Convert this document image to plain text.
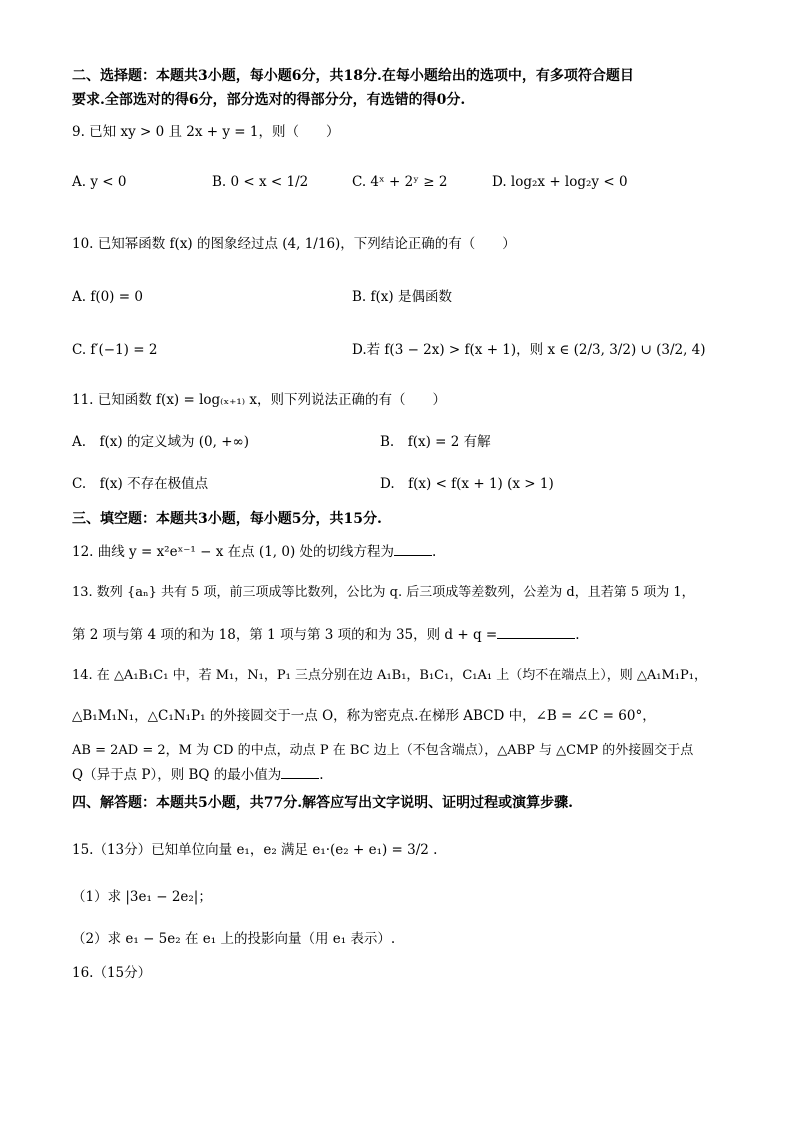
二、选择题：本题共3小题，每小题6分，共18分.在每小题给出的选项中，有多项符合题目
要求.全部选对的得6分，部分选对的得部分分，有选错的得0分.
9. 已知 xy > 0 且 2x + y = 1，则（　　）
A. y < 0	B. 0 < x < 1/2	C. 4ˣ + 2ʸ ≥ 2	D. log₂x + log₂y < 0
10. 已知幂函数 f(x) 的图象经过点 (4, 1/16)，下列结论正确的有（　　）
A. f(0) = 0	B. f(x) 是偶函数
C. f′(−1) = 2	D.若 f(3 − 2x) > f(x + 1)，则 x ∈ (2/3, 3/2) ∪ (3/2, 4)
11. 已知函数 f(x) = log₍ₓ₊₁₎ x，则下列说法正确的有（　　）
A.　f(x) 的定义域为 (0, +∞)	B.　f(x) = 2 有解
C.　f(x) 不存在极值点	D.　f(x) < f(x + 1) (x > 1)
三、填空题：本题共3小题，每小题5分，共15分.
12. 曲线 y = x²eˣ⁻¹ − x 在点 (1, 0) 处的切线方程为	.
13. 数列 {aₙ} 共有 5 项，前三项成等比数列，公比为 q. 后三项成等差数列，公差为 d，且若第 5 项为 1，
第 2 项与第 4 项的和为 18，第 1 项与第 3 项的和为 35，则 d + q =	.
14. 在 △A₁B₁C₁ 中，若 M₁，N₁，P₁ 三点分别在边 A₁B₁，B₁C₁，C₁A₁ 上（均不在端点上），则 △A₁M₁P₁，
△B₁M₁N₁，△C₁N₁P₁ 的外接圆交于一点 O，称为密克点.在梯形 ABCD 中，∠B = ∠C = 60°，
AB = 2AD = 2，M 为 CD 的中点，动点 P 在 BC 边上（不包含端点），△ABP 与 △CMP 的外接圆交于点
Q（异于点 P），则 BQ 的最小值为	.
四、解答题：本题共5小题，共77分.解答应写出文字说明、证明过程或演算步骤.
15.（13分）已知单位向量 e₁，e₂ 满足 e₁·(e₂ + e₁) = 3/2 .
（1）求 |3e₁ − 2e₂|；
（2）求 e₁ − 5e₂ 在 e₁ 上的投影向量（用 e₁ 表示）.
16.（15分）
